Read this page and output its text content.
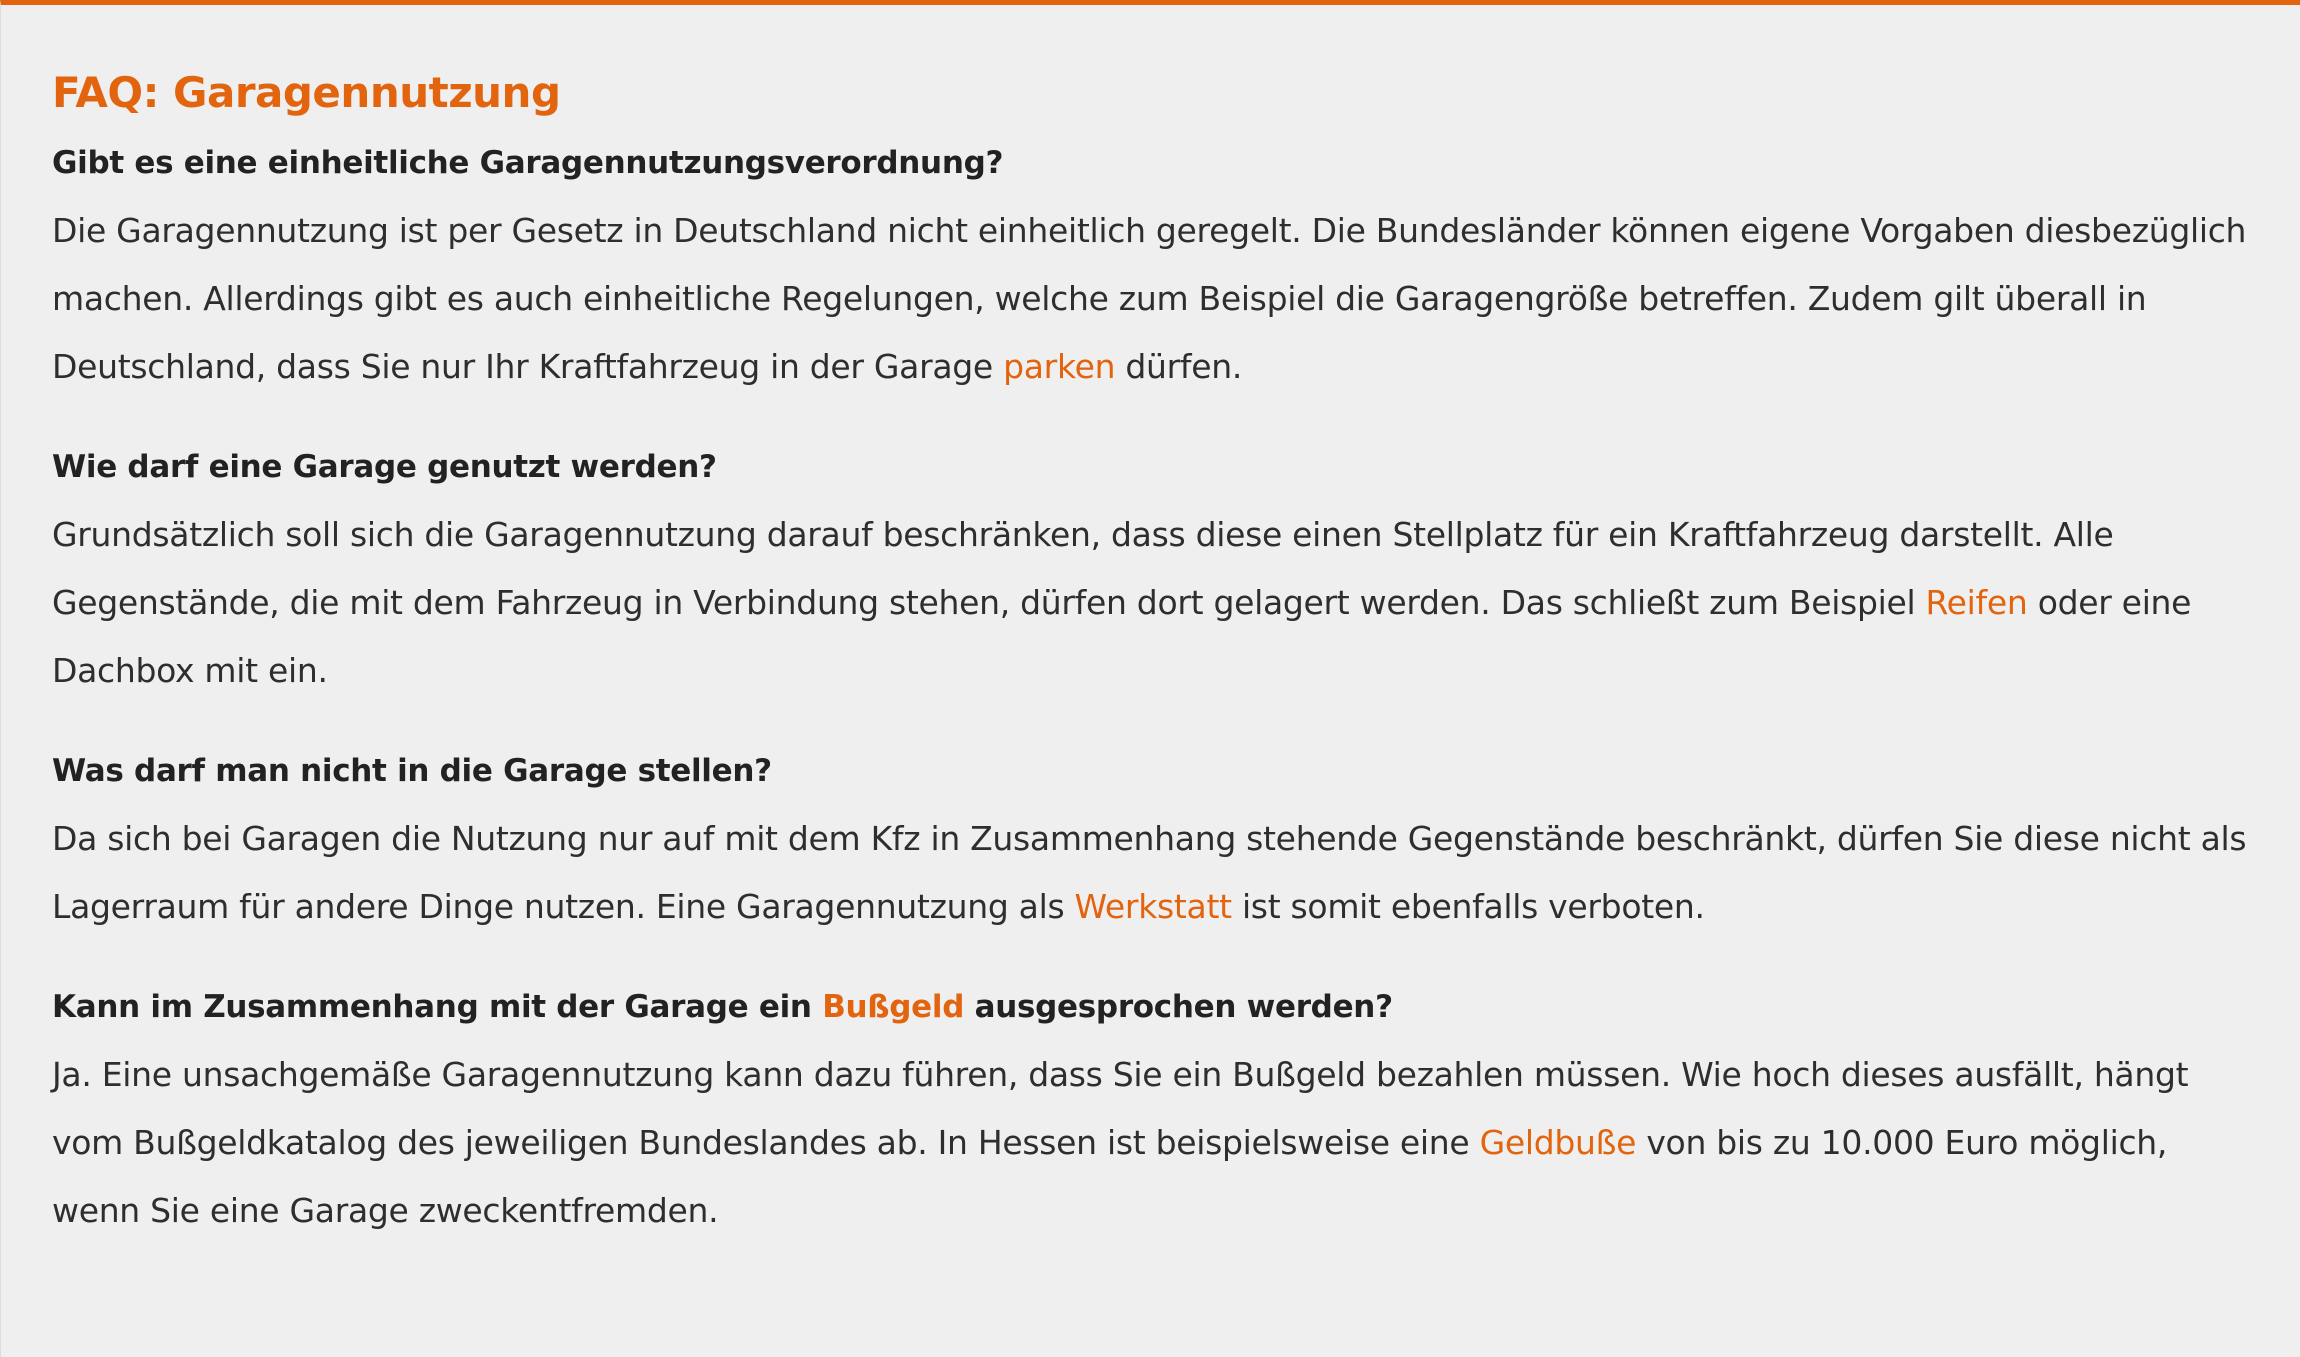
FAQ: Garagennutzung

Gibt es eine einheitliche Garagennutzungsverordnung?

Die Garagennutzung ist per Gesetz in Deutschland nicht einheitlich geregelt. Die Bundesländer können eigene Vorgaben diesbezüglich machen. Allerdings gibt es auch einheitliche Regelungen, welche zum Beispiel die Garagengröße betreffen. Zudem gilt überall in Deutschland, dass Sie nur Ihr Kraftfahrzeug in der Garage parken dürfen.

Wie darf eine Garage genutzt werden?

Grundsätzlich soll sich die Garagennutzung darauf beschränken, dass diese einen Stellplatz für ein Kraftfahrzeug darstellt. Alle Gegenstände, die mit dem Fahrzeug in Verbindung stehen, dürfen dort gelagert werden. Das schließt zum Beispiel Reifen oder eine Dachbox mit ein.

Was darf man nicht in die Garage stellen?

Da sich bei Garagen die Nutzung nur auf mit dem Kfz in Zusammenhang stehende Gegenstände beschränkt, dürfen Sie diese nicht als Lagerraum für andere Dinge nutzen. Eine Garagennutzung als Werkstatt ist somit ebenfalls verboten.

Kann im Zusammenhang mit der Garage ein Bußgeld ausgesprochen werden?

Ja. Eine unsachgemäße Garagennutzung kann dazu führen, dass Sie ein Bußgeld bezahlen müssen. Wie hoch dieses ausfällt, hängt vom Bußgeldkatalog des jeweiligen Bundeslandes ab. In Hessen ist beispielsweise eine Geldbuße von bis zu 10.000 Euro möglich, wenn Sie eine Garage zweckentfremden.
